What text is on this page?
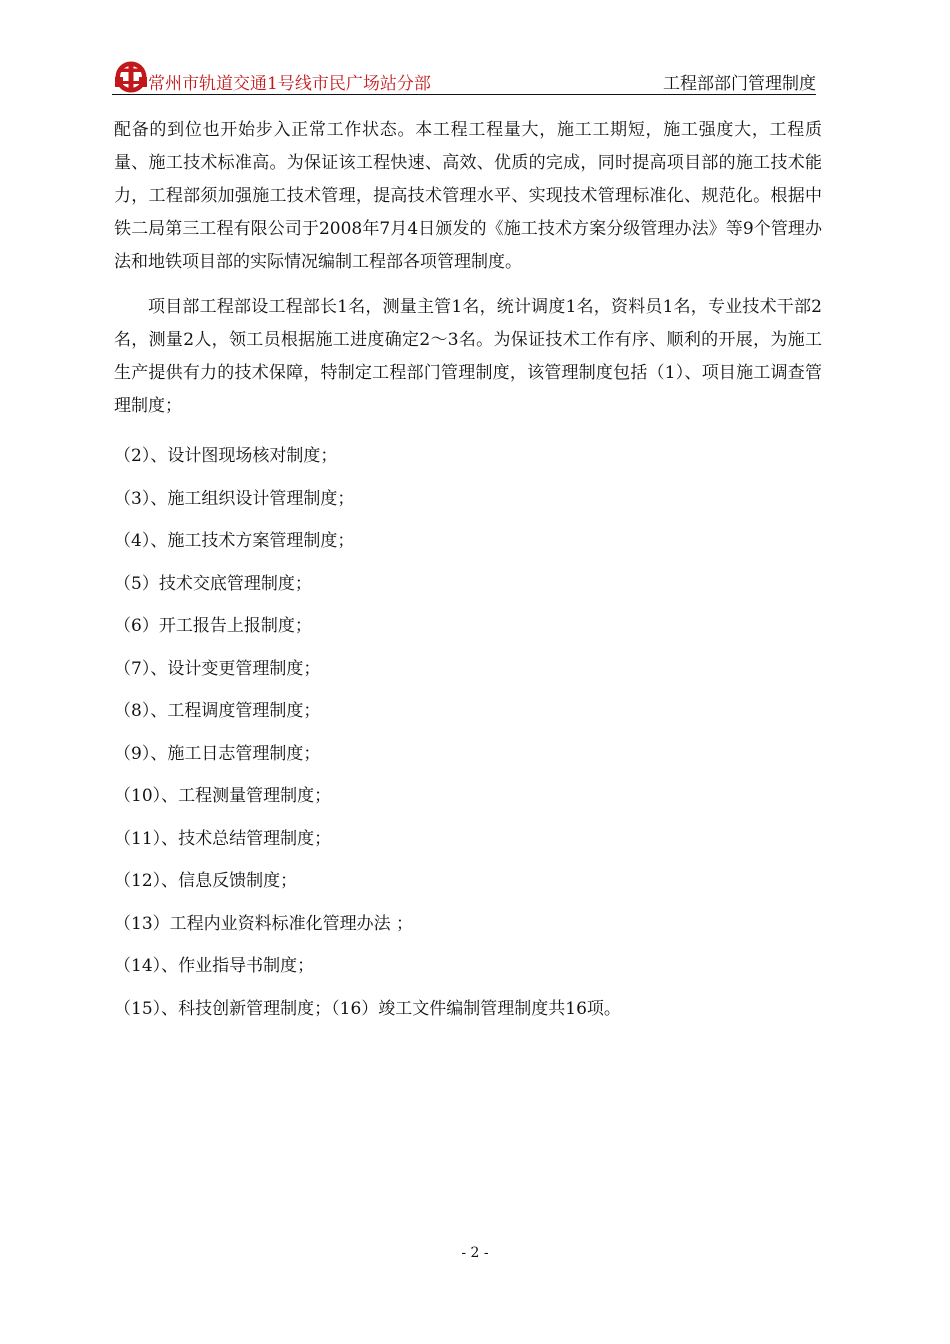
常州市轨道交通1号线市民广场站分部	工程部部门管理制度

配备的到位也开始步入正常工作状态。本工程工程量大，施工工期短，施工强度大，工程质量、施工技术标准高。为保证该工程快速、高效、优质的完成，同时提高项目部的施工技术能力，工程部须加强施工技术管理，提高技术管理水平、实现技术管理标准化、规范化。根据中铁二局第三工程有限公司于2008年7月4日颁发的《施工技术方案分级管理办法》等9个管理办法和地铁项目部的实际情况编制工程部各项管理制度。

项目部工程部设工程部长1名，测量主管1名，统计调度1名，资料员1名，专业技术干部2名，测量2人，领工员根据施工进度确定2～3名。为保证技术工作有序、顺利的开展，为施工生产提供有力的技术保障，特制定工程部门管理制度，该管理制度包括（1）、项目施工调查管理制度；

（2）、设计图现场核对制度；
（3）、施工组织设计管理制度；
（4）、施工技术方案管理制度；
（5）技术交底管理制度；
（6）开工报告上报制度；
（7）、设计变更管理制度；
（8）、工程调度管理制度；
（9）、施工日志管理制度；
（10）、工程测量管理制度；
（11）、技术总结管理制度；
（12）、信息反馈制度；
（13）工程内业资料标准化管理办法 ；
（14）、作业指导书制度；
（15）、科技创新管理制度；（16）竣工文件编制管理制度共16项。
- 2 -
